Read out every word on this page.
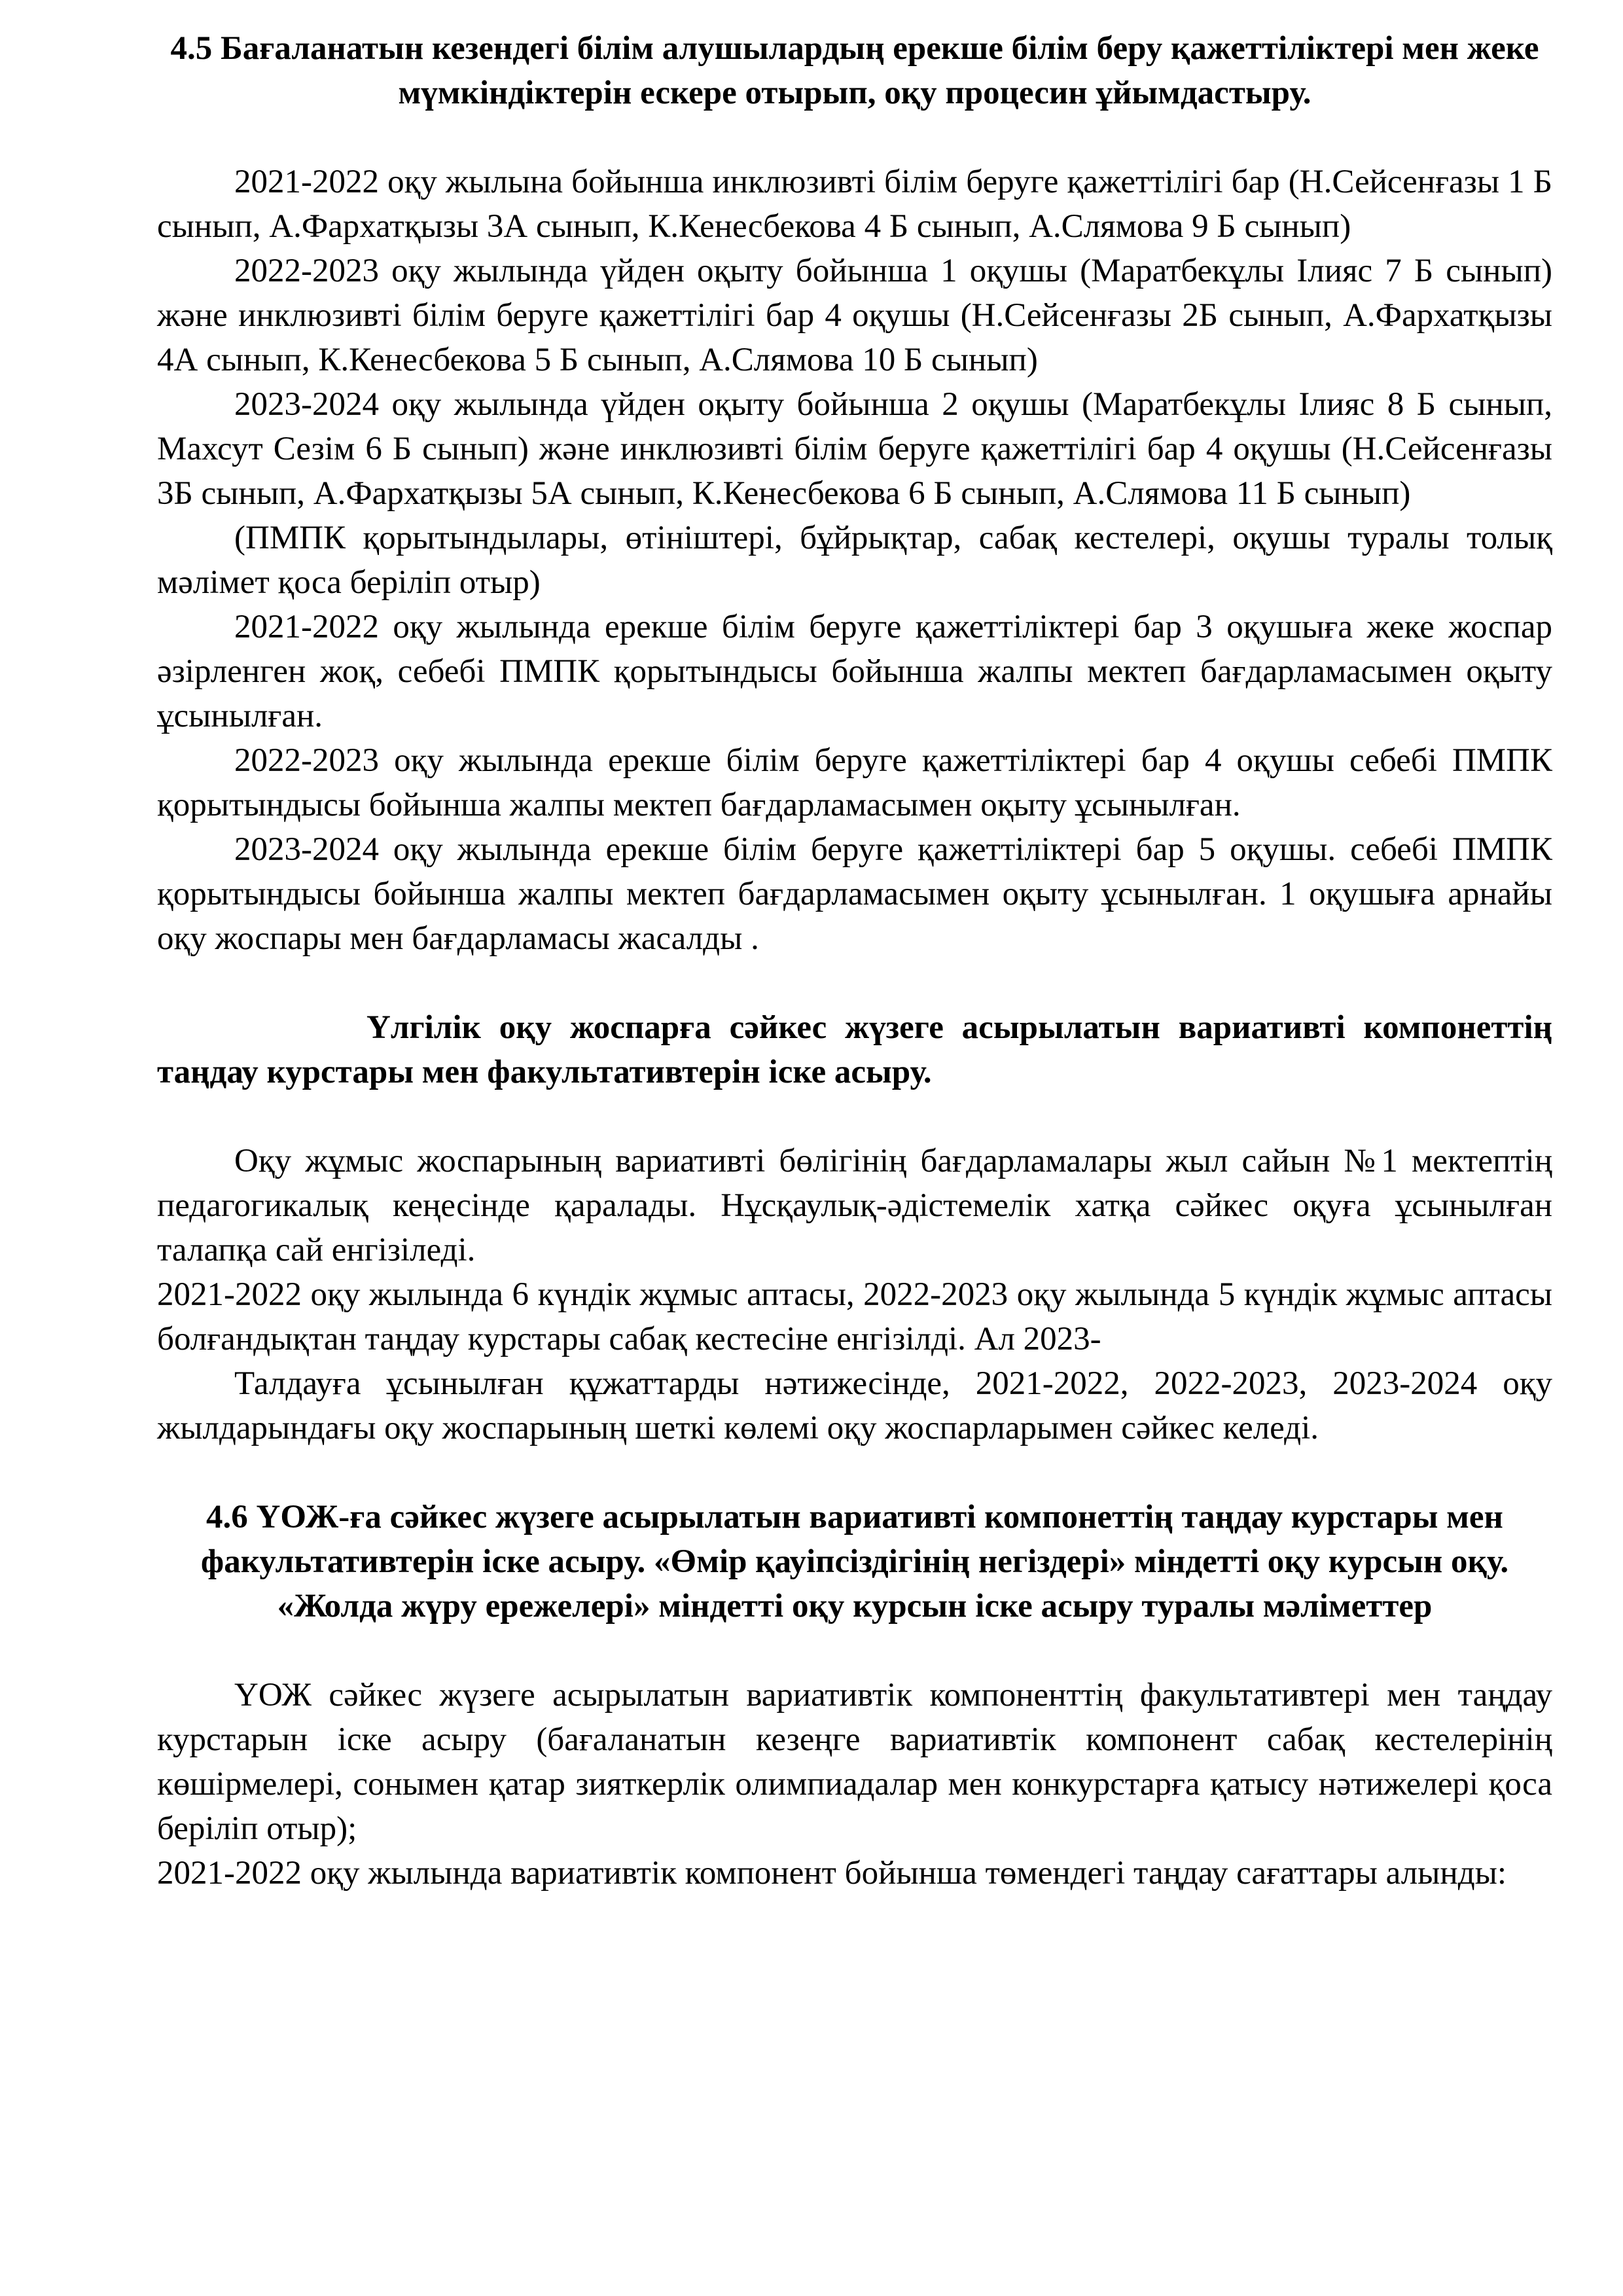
4.5 Бағаланатын кезендегі білім алушылардың ерекше білім беру қажеттіліктері мен жеке мүмкіндіктерін ескере отырып, оқу процесин ұйымдастыру.

2021-2022 оқу жылына бойынша инклюзивті білім беруге қажеттілігі бар (Н.Сейсенғазы 1 Б сынып, А.Фархатқызы 3А сынып, К.Кенесбекова 4 Б сынып, А.Слямова 9 Б сынып)

2022-2023 оқу жылында үйден оқыту бойынша 1 оқушы (Маратбекұлы Ілияс 7 Б сынып) және инклюзивті білім беруге қажеттілігі бар 4 оқушы (Н.Сейсенғазы 2Б сынып, А.Фархатқызы 4А сынып, К.Кенесбекова 5 Б сынып, А.Слямова 10 Б сынып)

2023-2024 оқу жылында үйден оқыту бойынша 2 оқушы (Маратбекұлы Ілияс 8 Б сынып, Махсут Сезім 6 Б сынып) және инклюзивті білім беруге қажеттілігі бар 4 оқушы (Н.Сейсенғазы 3Б сынып, А.Фархатқызы 5А сынып, К.Кенесбекова 6 Б сынып, А.Слямова 11 Б сынып)

(ПМПК қорытындылары, өтініштері, бұйрықтар, сабақ кестелері, оқушы туралы толық мәлімет қоса беріліп отыр)

2021-2022 оқу жылында ерекше білім беруге қажеттіліктері бар 3 оқушыға жеке жоспар әзірленген жоқ, себебі ПМПК қорытындысы бойынша жалпы мектеп бағдарламасымен оқыту ұсынылған.

2022-2023 оқу жылында ерекше білім беруге қажеттіліктері бар 4 оқушы себебі ПМПК қорытындысы бойынша жалпы мектеп бағдарламасымен оқыту ұсынылған.

2023-2024 оқу жылында ерекше білім беруге қажеттіліктері бар 5 оқушы. себебі ПМПК қорытындысы бойынша жалпы мектеп бағдарламасымен оқыту ұсынылған. 1 оқушыға арнайы оқу жоспары мен бағдарламасы жасалды .

Үлгілік оқу жоспарға сәйкес жүзеге асырылатын вариативті компонеттің таңдау курстары мен факультативтерін іске асыру.

Оқу жұмыс жоспарының вариативті бөлігінің бағдарламалары жыл сайын №1 мектептің педагогикалық кеңесінде қаралады. Нұсқаулық-әдістемелік хатқа сәйкес оқуға ұсынылған талапқа сай енгізіледі.

2021-2022 оқу жылында 6 күндік жұмыс аптасы, 2022-2023 оқу жылында 5 күндік жұмыс аптасы болғандықтан таңдау курстары сабақ кестесіне енгізілді. Ал 2023-

Талдауға ұсынылған құжаттарды нәтижесінде, 2021-2022, 2022-2023, 2023-2024 оқу жылдарындағы оқу жоспарының шеткі көлемі оқу жоспарларымен сәйкес келеді.

4.6 ҮОЖ-ға сәйкес жүзеге асырылатын вариативті компонеттің таңдау курстары мен факультативтерін іске асыру. «Өмір қауіпсіздігінің негіздері» міндетті оқу курсын оқу. «Жолда жүру ережелері» міндетті оқу курсын іске асыру туралы мәліметтер

ҮОЖ сәйкес жүзеге асырылатын вариативтік компоненттің факультативтері мен таңдау курстарын іске асыру (бағаланатын кезеңге вариативтік компонент сабақ кестелерінің көшірмелері, сонымен қатар зияткерлік олимпиадалар мен конкурстарға қатысу нәтижелері қоса беріліп отыр);

2021-2022 оқу жылында вариативтік компонент бойынша төмендегі таңдау сағаттары алынды:
